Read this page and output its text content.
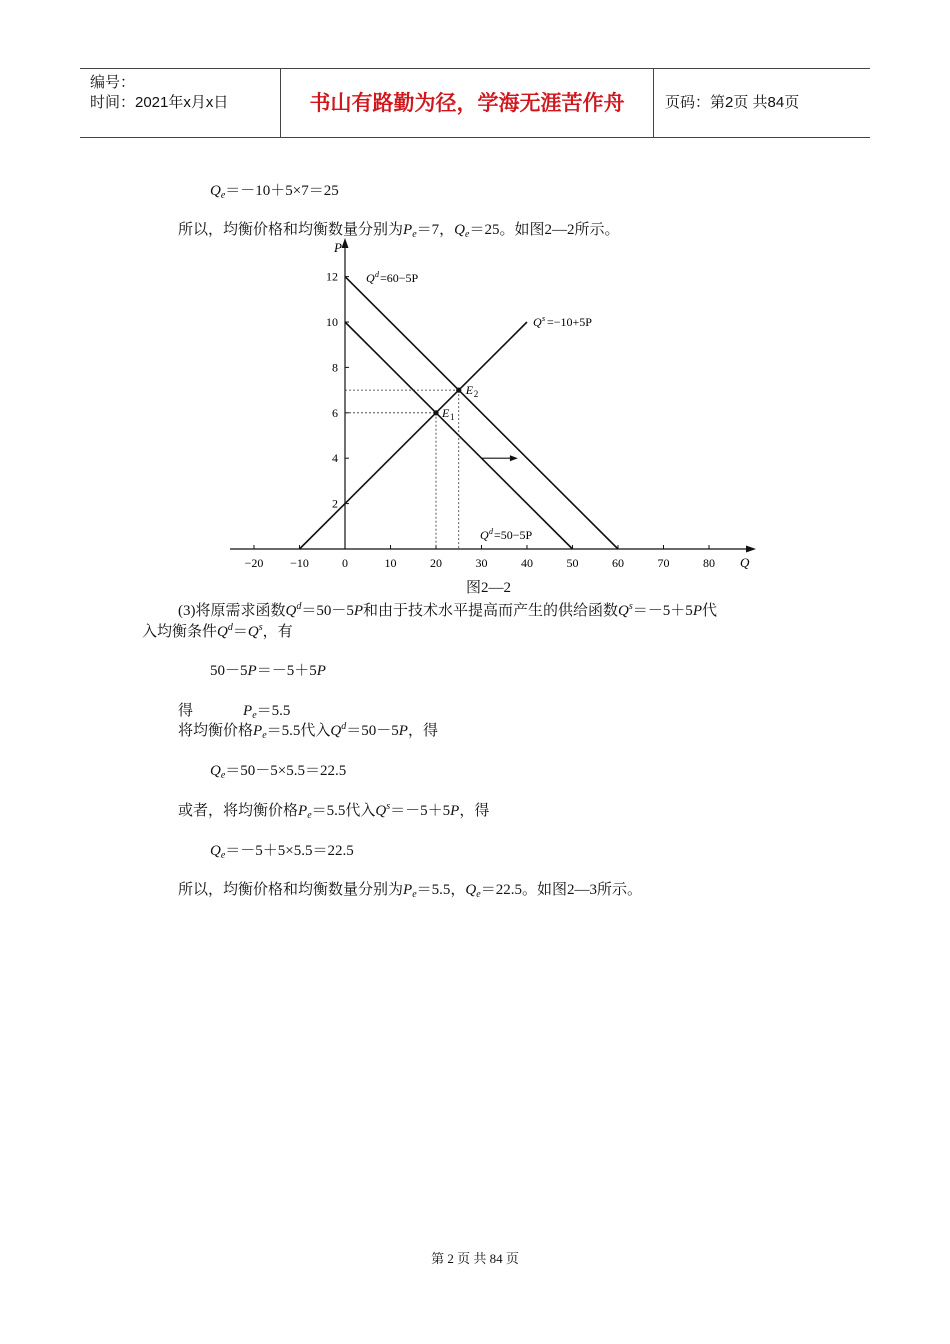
编号：
时间：2021年x月x日	书山有路勤为径，学海无涯苦作舟	页码：第2页 共84页
$Q_e=-10+5\times 7=25$
所以，均衡价格和均衡数量分别为$P_e=7$，$Q_e=25$。如图2—2所示。
P
Q
−20 −10	0	10	20	30	40	50	60	70	80
2
4
6
8
10
12
E 1
E 2
Q d =60−5P
Q s =−10+5P
Q d =50−5P
图2—2
(3)将原需求函数$Q^d=50-5P$和由于技术水平提高而产生的供给函数$Q^s=-5+5P$代
入均衡条件$Q^d=Q^s$，有
50－5P＝－5＋5P
得	$P_e=5.5$
将均衡价格$P_e=5.5$代入$Q^d=50-5P$，得
$Q_e=50-5\times 5.5=22.5$
或者，将均衡价格$P_e=5.5$代入$Q^s=-5+5P$，得
$Q_e=-5+5\times 5.5=22.5$
所以，均衡价格和均衡数量分别为$P_e=5.5$，$Q_e=22.5$。如图2—3所示。
第 2 页 共 84 页
